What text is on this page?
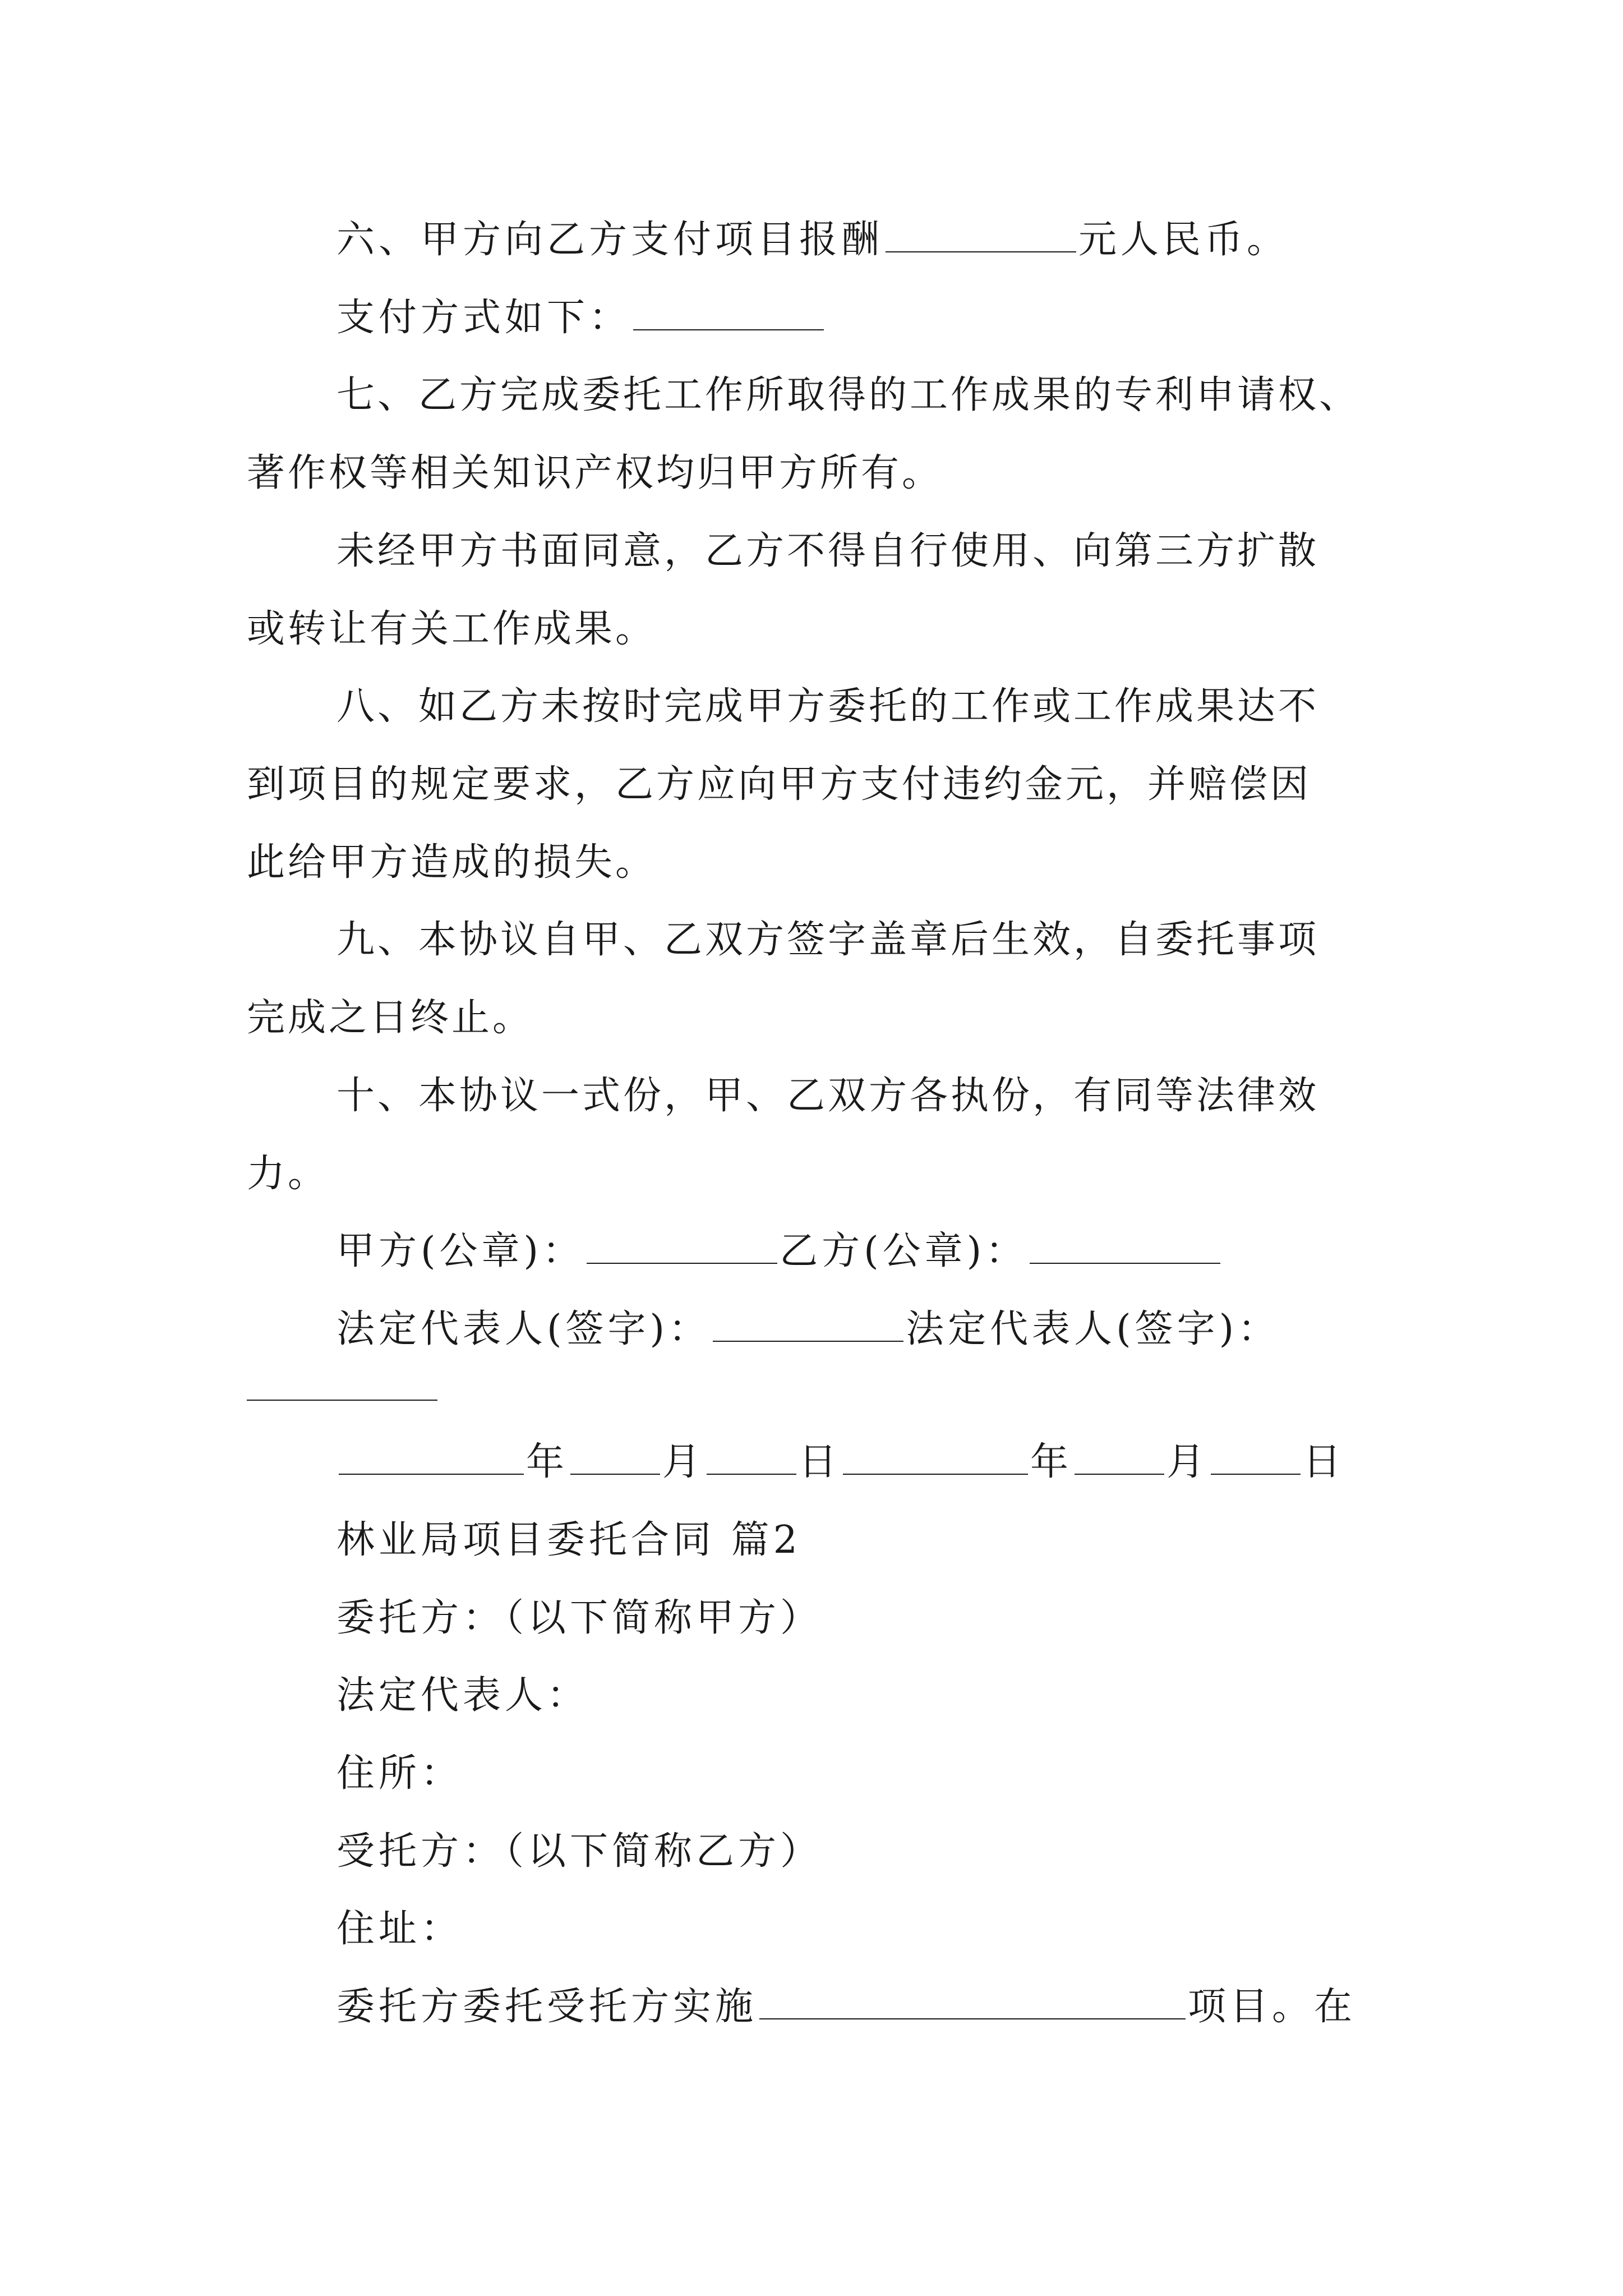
六、甲方向乙方支付项目报酬	元人民币。
支付方式如下：
七、乙方完成委托工作所取得的工作成果的专利申请权、
著作权等相关知识产权均归甲方所有。
未经甲方书面同意，乙方不得自行使用、向第三方扩散
或转让有关工作成果。
八、如乙方未按时完成甲方委托的工作或工作成果达不
到项目的规定要求，乙方应向甲方支付违约金元，并赔偿因
此给甲方造成的损失。
九、本协议自甲、乙双方签字盖章后生效，自委托事项
完成之日终止。
十、本协议一式份，甲、乙双方各执份，有同等法律效
力。
甲方(公章)：	乙方(公章)：
法定代表人(签字)：	法定代表人(签字)：
年 月 日	年 月 日
林业局项目委托合同 篇2
委托方：（以下简称甲方）
法定代表人：
住所：
受托方：（以下简称乙方）
住址：
委托方委托受托方实施	项目。在
